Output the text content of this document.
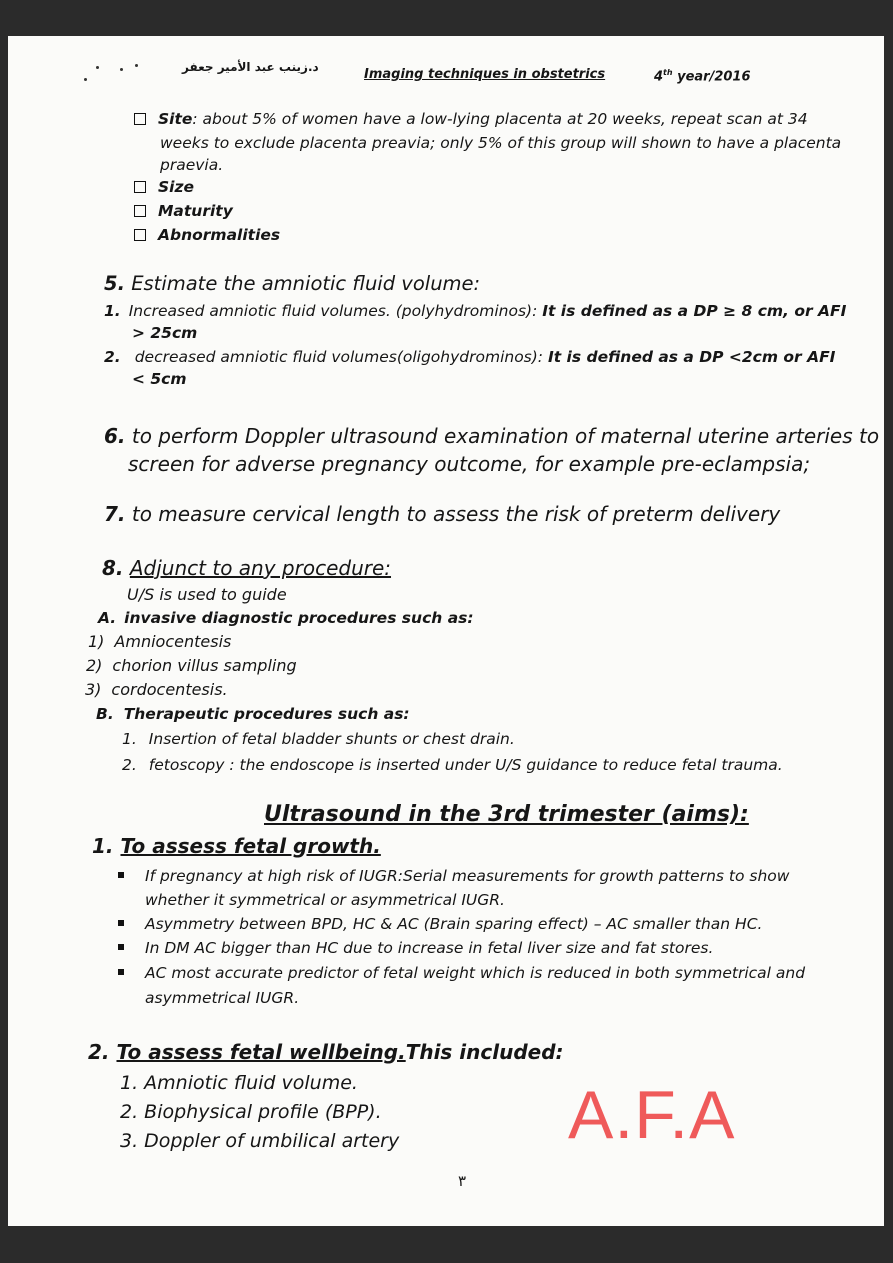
د.زينب عبد الأمير جعفر	Imaging techniques in obstetrics	4th year/2016
Site: about 5% of women have a low-lying placenta at 20 weeks, repeat scan at 34
weeks to exclude placenta preavia; only 5% of this group will shown to have a placenta
praevia.
Size
Maturity
Abnormalities
5. Estimate the amniotic fluid volume:
1. Increased amniotic fluid volumes. (polyhydrominos): It is defined as a DP ≥ 8 cm, or AFI
> 25cm
2. decreased amniotic fluid volumes(oligohydrominos): It is defined as a DP <2cm or AFI
< 5cm
6. to perform Doppler ultrasound examination of maternal uterine arteries to
screen for adverse pregnancy outcome, for example pre-eclampsia;
7. to measure cervical length to assess the risk of preterm delivery
8. Adjunct to any procedure:
U/S is used to guide
A. invasive diagnostic procedures such as:
1) Amniocentesis
2) chorion villus sampling
3) cordocentesis.
B. Therapeutic procedures such as:
1. Insertion of fetal bladder shunts or chest drain.
2. fetoscopy : the endoscope is inserted under U/S guidance to reduce fetal trauma.
Ultrasound in the 3rd trimester (aims):
1. To assess fetal growth.
If pregnancy at high risk of IUGR:Serial measurements for growth patterns to show
whether it symmetrical or asymmetrical IUGR.
Asymmetry between BPD, HC & AC (Brain sparing effect) – AC smaller than HC.
In DM AC bigger than HC due to increase in fetal liver size and fat stores.
AC most accurate predictor of fetal weight which is reduced in both symmetrical and
asymmetrical IUGR.
2. To assess fetal wellbeing.This included:
1. Amniotic fluid volume.
2. Biophysical profile (BPP).
3. Doppler of umbilical artery A.F.A
٣
